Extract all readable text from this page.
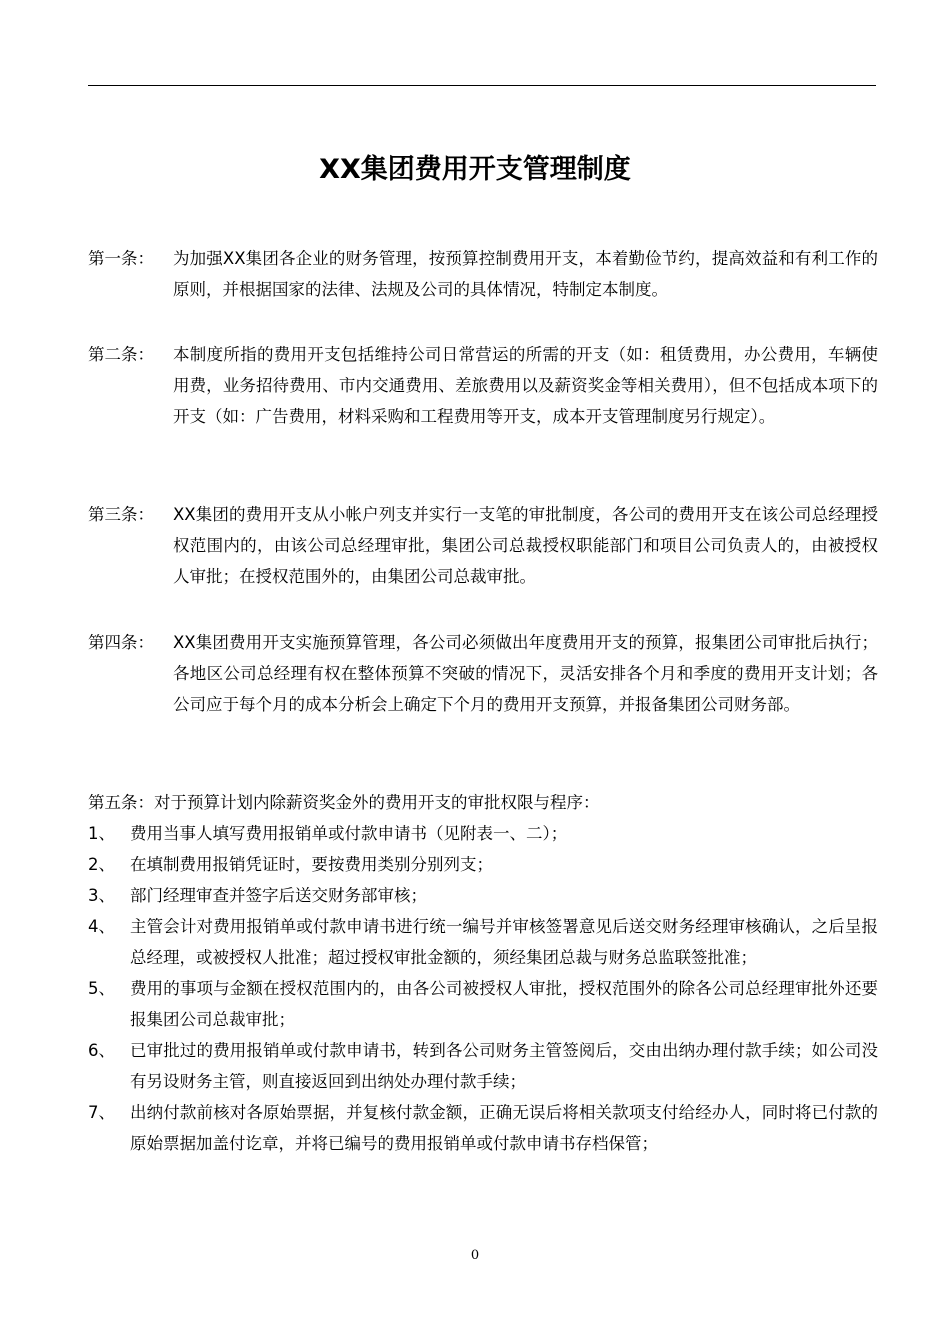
XX集团费用开支管理制度
第一条： 为加强XX集团各企业的财务管理，按预算控制费用开支，本着勤俭节约，提高效益和有利工作的原则，并根据国家的法律、法规及公司的具体情况，特制定本制度。
第二条： 本制度所指的费用开支包括维持公司日常营运的所需的开支（如：租赁费用，办公费用，车辆使用费，业务招待费用、市内交通费用、差旅费用以及薪资奖金等相关费用），但不包括成本项下的开支（如：广告费用，材料采购和工程费用等开支，成本开支管理制度另行规定）。
第三条： XX集团的费用开支从小帐户列支并实行一支笔的审批制度，各公司的费用开支在该公司总经理授权范围内的，由该公司总经理审批，集团公司总裁授权职能部门和项目公司负责人的，由被授权人审批；在授权范围外的，由集团公司总裁审批。
第四条： XX集团费用开支实施预算管理，各公司必须做出年度费用开支的预算，报集团公司审批后执行；各地区公司总经理有权在整体预算不突破的情况下，灵活安排各个月和季度的费用开支计划；各公司应于每个月的成本分析会上确定下个月的费用开支预算，并报备集团公司财务部。
第五条：对于预算计划内除薪资奖金外的费用开支的审批权限与程序：
1、 费用当事人填写费用报销单或付款申请书（见附表一、二）；
2、 在填制费用报销凭证时，要按费用类别分别列支；
3、 部门经理审查并签字后送交财务部审核；
4、 主管会计对费用报销单或付款申请书进行统一编号并审核签署意见后送交财务经理审核确认，之后呈报总经理，或被授权人批准；超过授权审批金额的，须经集团总裁与财务总监联签批准；
5、 费用的事项与金额在授权范围内的，由各公司被授权人审批，授权范围外的除各公司总经理审批外还要报集团公司总裁审批；
6、 已审批过的费用报销单或付款申请书，转到各公司财务主管签阅后，交由出纳办理付款手续；如公司没有另设财务主管，则直接返回到出纳处办理付款手续；
7、 出纳付款前核对各原始票据，并复核付款金额，正确无误后将相关款项支付给经办人，同时将已付款的原始票据加盖付讫章，并将已编号的费用报销单或付款申请书存档保管；
0
